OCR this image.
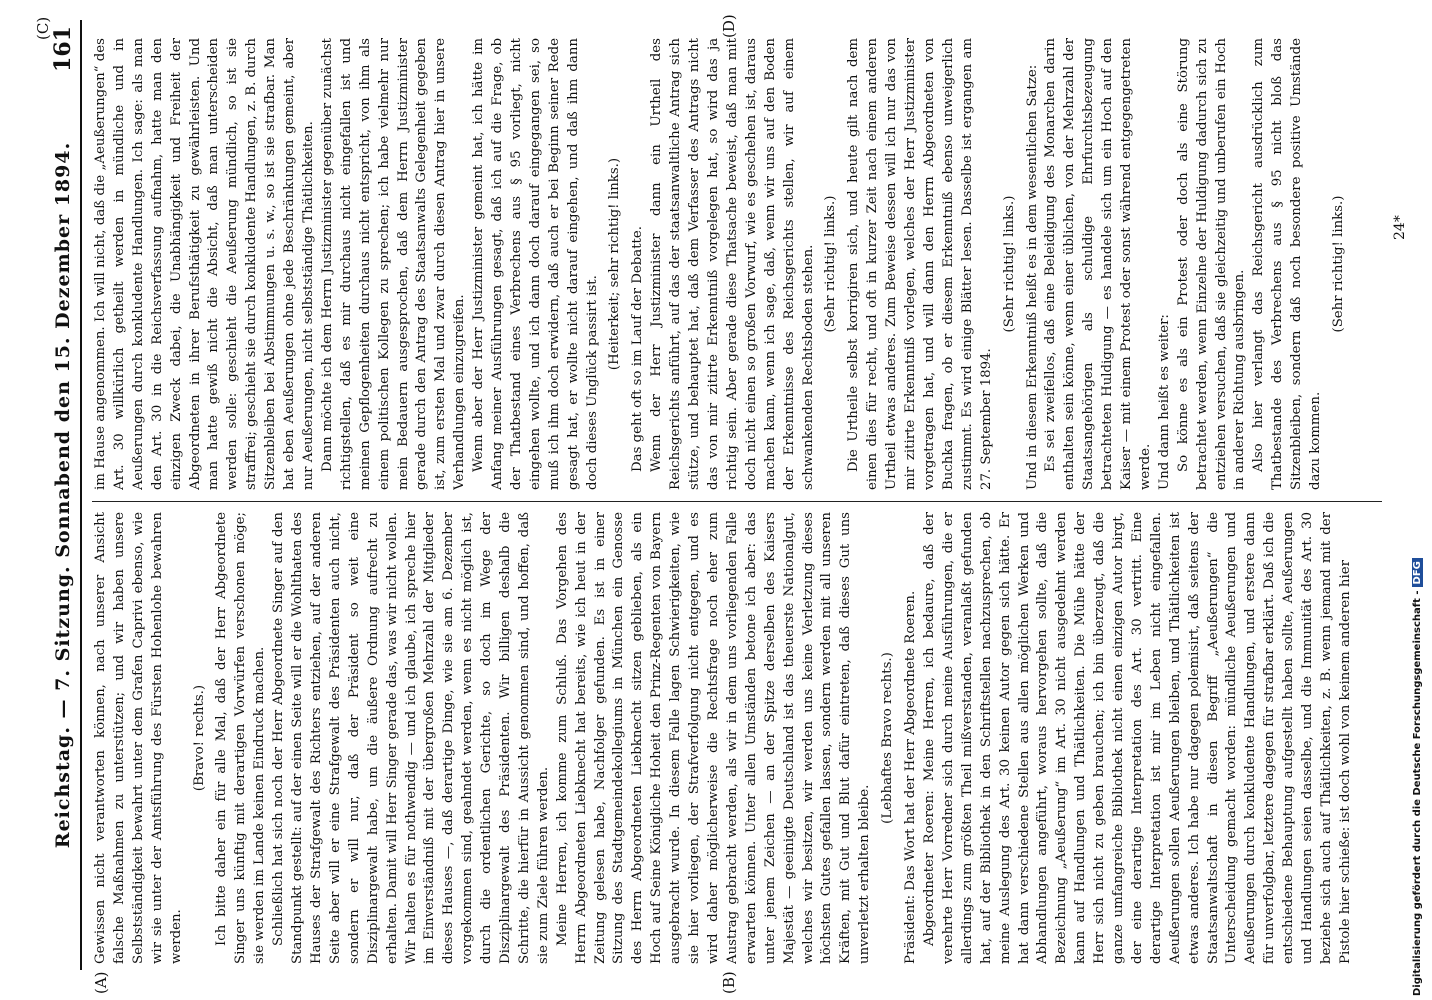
Reichstag. — 7. Sitzung. Sonnabend den 15. Dezember 1894.
161
(A)	(B)
(C)	(D)

Gewissen nicht verantworten können, nach unserer Ansicht falsche Maßnahmen zu unterstützen; und wir haben unsere Selbstständigkeit bewahrt unter dem Grafen Caprivi ebenso, wie wir sie unter der Amtsführung des Fürsten Hohenlohe bewahren werden.

(Bravo! rechts.) Ich bitte daher ein für alle Mal, daß der Herr Abgeordnete Singer uns künftig mit derartigen Vorwürfen verschonen möge; sie werden im Lande keinen Eindruck machen. Schließlich hat sich noch der Herr Abgeordnete Singer auf den Standpunkt gestellt: auf der einen Seite will er die Wohlthaten des Hauses der Strafgewalt des Richters entziehen, auf der anderen Seite aber will er eine Strafgewalt des Präsidenten auch nicht, sondern er will nur, daß der Präsident so weit eine Disziplinargewalt habe, um die äußere Ordnung aufrecht zu erhalten. Damit will Herr Singer gerade das, was wir nicht wollen. Wir halten es für nothwendig — und ich glaube, ich spreche hier im Einverständniß mit der übergroßen Mehrzahl der Mitglieder dieses Hauses —, daß derartige Dinge, wie sie am 6. Dezember vorgekommen sind, geahndet werden, wenn es nicht möglich ist, durch die ordentlichen Gerichte, so doch im Wege der Disziplinargewalt des Präsidenten. Wir billigen deshalb die Schritte, die hierfür in Aussicht genommen sind, und hoffen, daß sie zum Ziele führen werden. Meine Herren, ich komme zum Schluß. Das Vorgehen des Herrn Abgeordneten Liebknecht hat bereits, wie ich heut in der Zeitung gelesen habe, Nachfolger gefunden. Es ist in einer Sitzung des Stadtgemeindekollegiums in München ein Genosse des Herrn Abgeordneten Liebknecht sitzen geblieben, als ein Hoch auf Seine Königliche Hoheit den Prinz-Regenten von Bayern ausgebracht wurde. In diesem Falle lagen Schwierigkeiten, wie sie hier vorliegen, der Strafverfolgung nicht entgegen, und es wird daher möglicherweise die Rechtsfrage noch eher zum Austrag gebracht werden, als wir in dem uns vorliegenden Falle erwarten können. Unter allen Umständen betone ich aber: das unter jenem Zeichen — an der Spitze derselben des Kaisers Majestät — geeinigte Deutschland ist das theuerste Nationalgut, welches wir besitzen, wir werden uns keine Verletzung dieses höchsten Gutes gefallen lassen, sondern werden mit all unseren Kräften, mit Gut und Blut dafür eintreten, daß dieses Gut uns unverletzt erhalten bleibe.

(Lebhaftes Bravo rechts.) Präsident: Das Wort hat der Herr Abgeordnete Roeren. Abgeordneter Roeren: Meine Herren, ich bedaure, daß der verehrte Herr Vorredner sich durch meine Ausführungen, die er allerdings zum größten Theil mißverstanden, veranlaßt gefunden hat, auf der Bibliothek in den Schriftstellen nachzusprechen, ob meine Auslegung des Art. 30 keinen Autor gegen sich hätte. Er hat dann verschiedene Stellen aus allen möglichen Werken und Abhandlungen angeführt, woraus hervorgehen sollte, daß die Bezeichnung „Aeußerung“ im Art. 30 nicht ausgedehnt werden kann auf Handlungen und Thätlichkeiten. Die Mühe hätte der Herr sich nicht zu geben brauchen; ich bin überzeugt, daß die ganze umfangreiche Bibliothek nicht einen einzigen Autor birgt, der eine derartige Interpretation des Art. 30 vertritt. Eine derartige Interpretation ist mir im Leben nicht eingefallen. Aeußerungen sollen Aeußerungen bleiben, und Thätlichkeiten ist etwas anderes. Ich habe nur dagegen polemisirt, daß seitens der Staatsanwaltschaft in diesen Begriff „Aeußerungen“ die Unterscheidung gemacht worden: mündliche Aeußerungen und Aeußerungen durch konkludente Handlungen, und erstere dann für unverfolgbar, letztere dagegen für strafbar erklärt. Daß ich die entschiedene Behauptung aufgestellt haben sollte, Aeußerungen und Handlungen seien dasselbe, und die Immunität des Art. 30 beziehe sich auch auf Thätlichkeiten, z. B. wenn jemand mit der Pistole hier schieße: ist doch wohl von keinem anderen hier

im Hause angenommen. Ich will nicht, daß die „Aeußerungen“ des Art. 30 willkürlich getheilt werden in mündliche und in Aeußerungen durch konkludente Handlungen. Ich sage: als man den Art. 30 in die Reichsverfassung aufnahm, hatte man den einzigen Zweck dabei, die Unabhängigkeit und Freiheit der Abgeordneten in ihrer Berufsthätigkeit zu gewährleisten. Und man hatte gewiß nicht die Absicht, daß man unterscheiden werden solle: geschieht die Aeußerung mündlich, so ist sie straffrei; geschieht sie durch konkludente Handlungen, z. B. durch Sitzenbleiben bei Abstimmungen u. s. w., so ist sie strafbar. Man hat eben Aeußerungen ohne jede Beschränkungen gemeint, aber nur Aeußerungen, nicht selbstständige Thätlichkeiten. Dann möchte ich dem Herrn Justizminister gegenüber zunächst richtigstellen, daß es mir durchaus nicht eingefallen ist und meinen Gepflogenheiten durchaus nicht entspricht, von ihm als einem politischen Kollegen zu sprechen; ich habe vielmehr nur mein Bedauern ausgesprochen, daß dem Herrn Justizminister gerade durch den Antrag des Staatsanwalts Gelegenheit gegeben ist, zum ersten Mal und zwar durch diesen Antrag hier in unsere Verhandlungen einzugreifen. Wenn aber der Herr Justizminister gemeint hat, ich hätte im Anfang meiner Ausführungen gesagt, daß ich auf die Frage, ob der Thatbestand eines Verbrechens aus § 95 vorliegt, nicht eingehen wollte, und ich dann doch darauf eingegangen sei, so muß ich ihm doch erwidern, daß auch er bei Beginn seiner Rede gesagt hat, er wollte nicht darauf eingehen, und daß ihm dann doch dieses Unglück passirt ist.

(Heiterkeit; sehr richtig! links.) Das geht oft so im Lauf der Debatte. Wenn der Herr Justizminister dann ein Urtheil des Reichsgerichts anführt, auf das der staatsanwaltliche Antrag sich stütze, und behauptet hat, daß dem Verfasser des Antrags nicht das von mir zitirte Erkenntniß vorgelegen hat, so wird das ja richtig sein. Aber gerade diese Thatsache beweist, daß man mit doch nicht einen so großen Vorwurf, wie es geschehen ist, daraus machen kann, wenn ich sage, daß, wenn wir uns auf den Boden der Erkenntnisse des Reichsgerichts stellen, wir auf einem schwankenden Rechtsboden stehen. (Sehr richtig! links.) Die Urtheile selbst korrigiren sich, und heute gilt nach dem einen dies für recht, und oft in kurzer Zeit nach einem anderen Urtheil etwas anderes. Zum Beweise dessen will ich nur das von mir zitirte Erkenntniß vorlegen, welches der Herr Justizminister vorgetragen hat, und will dann den Herrn Abgeordneten von Buchka fragen, ob er diesem Erkenntniß ebenso unweigerlich zustimmt. Es wird einige Blätter lesen. Dasselbe ist ergangen am 27. September 1894.

(Sehr richtig! links.) Und in diesem Erkenntniß heißt es in dem wesentlichen Satze: Es sei zweifellos, daß eine Beleidigung des Monarchen darin enthalten sein könne, wenn einer üblichen, von der Mehrzahl der Staatsangehörigen als schuldige Ehrfurchtsbezeugung betrachteten Huldigung — es handele sich um ein Hoch auf den Kaiser — mit einem Protest oder sonst während entgegengetreten werde. Und dann heißt es weiter: So könne es als ein Protest oder doch als eine Störung betrachtet werden, wenn Einzelne der Huldigung dadurch sich zu entziehen versuchen, daß sie gleichzeitig und unberufen ein Hoch in anderer Richtung ausbringen. Also hier verlangt das Reichsgericht ausdrücklich zum Thatbestande des Verbrechens aus § 95 nicht bloß das Sitzenbleiben, sondern daß noch besondere positive Umstände dazu kommen.

(Sehr richtig! links.)	24*
Digitalisierung gefördert durch die Deutsche Forschungsgemeinschaft -DFG
